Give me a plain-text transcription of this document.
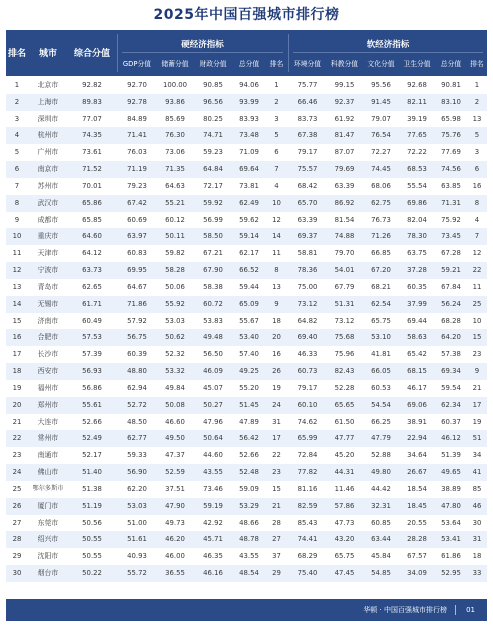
2025年中国百强城市排行榜
排名	城市	综合分值
硬经济指标
GDP分值	储蓄分值	财政分值	总分值	排名
软经济指标
环境分值	科教分值	文化分值	卫生分值	总分值	排名
1	北京市	92.82	92.70	100.00	90.85	94.06	1	75.77	99.15	95.56	92.68	90.81	1
2	上海市	89.83	92.78	93.86	96.56	93.99	2	66.46	92.37	91.45	82.11	83.10	2
3	深圳市	77.07	84.89	85.69	80.25	83.93	3	83.73	61.92	79.07	39.19	65.98	13
4	杭州市	74.35	71.41	76.30	74.71	73.48	5	67.38	81.47	76.54	77.65	75.76	5
5	广州市	73.61	76.03	73.06	59.23	71.09	6	79.17	87.07	72.27	72.22	77.69	3
6	南京市	71.52	71.19	71.35	64.84	69.64	7	75.57	79.69	74.45	68.53	74.56	6
7	苏州市	70.01	79.23	64.63	72.17	73.81	4	68.42	63.39	68.06	55.54	63.85	16
8	武汉市	65.86	67.42	55.21	59.92	62.49	10	65.70	86.92	62.75	69.86	71.31	8
9	成都市	65.85	60.69	60.12	56.99	59.62	12	63.39	81.54	76.73	82.04	75.92	4
10	重庆市	64.60	63.97	50.11	58.50	59.14	14	69.37	74.88	71.26	78.30	73.45	7
11	天津市	64.12	60.83	59.82	67.21	62.17	11	58.81	79.70	66.85	63.75	67.28	12
12	宁波市	63.73	69.95	58.28	67.90	66.52	8	78.36	54.01	67.20	37.28	59.21	22
13	青岛市	62.65	64.67	50.06	58.38	59.44	13	75.00	67.79	68.21	60.35	67.84	11
14	无锡市	61.71	71.86	55.92	60.72	65.09	9	73.12	51.31	62.54	37.99	56.24	25
15	济南市	60.49	57.92	53.03	53.83	55.67	18	64.82	73.12	65.75	69.44	68.28	10
16	合肥市	57.53	56.75	50.62	49.48	53.40	20	69.40	75.68	53.10	58.63	64.20	15
17	长沙市	57.39	60.39	52.32	56.50	57.40	16	46.33	75.96	41.81	65.42	57.38	23
18	西安市	56.93	48.80	53.32	46.09	49.25	26	60.73	82.43	66.05	68.15	69.34	9
19	福州市	56.86	62.94	49.84	45.07	55.20	19	79.17	52.28	60.53	46.17	59.54	21
20	郑州市	55.61	52.72	50.08	50.27	51.45	24	60.10	65.65	54.54	69.06	62.34	17
21	大连市	52.66	48.50	46.60	47.96	47.89	31	74.62	61.50	66.25	38.91	60.37	19
22	常州市	52.49	62.77	49.50	50.64	56.42	17	65.99	47.77	47.79	22.94	46.12	51
23	南通市	52.17	59.33	47.37	44.60	52.66	22	72.84	45.20	52.88	34.64	51.39	34
24	佛山市	51.40	56.90	52.59	43.55	52.48	23	77.82	44.31	49.80	26.67	49.65	41
25	鄂尔多斯市	51.38	62.20	37.51	73.46	59.09	15	81.16	11.46	44.42	18.54	38.89	85
26	厦门市	51.19	53.03	47.90	59.19	53.29	21	82.59	57.86	32.31	18.45	47.80	46
27	东莞市	50.56	51.00	49.73	42.92	48.66	28	85.43	47.73	60.85	20.55	53.64	30
28	绍兴市	50.55	51.61	46.20	45.71	48.78	27	74.41	43.20	63.44	28.28	53.41	31
29	沈阳市	50.55	40.93	46.00	46.35	43.55	37	68.29	65.75	45.84	67.57	61.86	18
30	烟台市	50.22	55.72	36.55	46.16	48.54	29	75.40	47.45	54.85	34.09	52.95	33
华顿 · 中国百强城市排行榜	01
